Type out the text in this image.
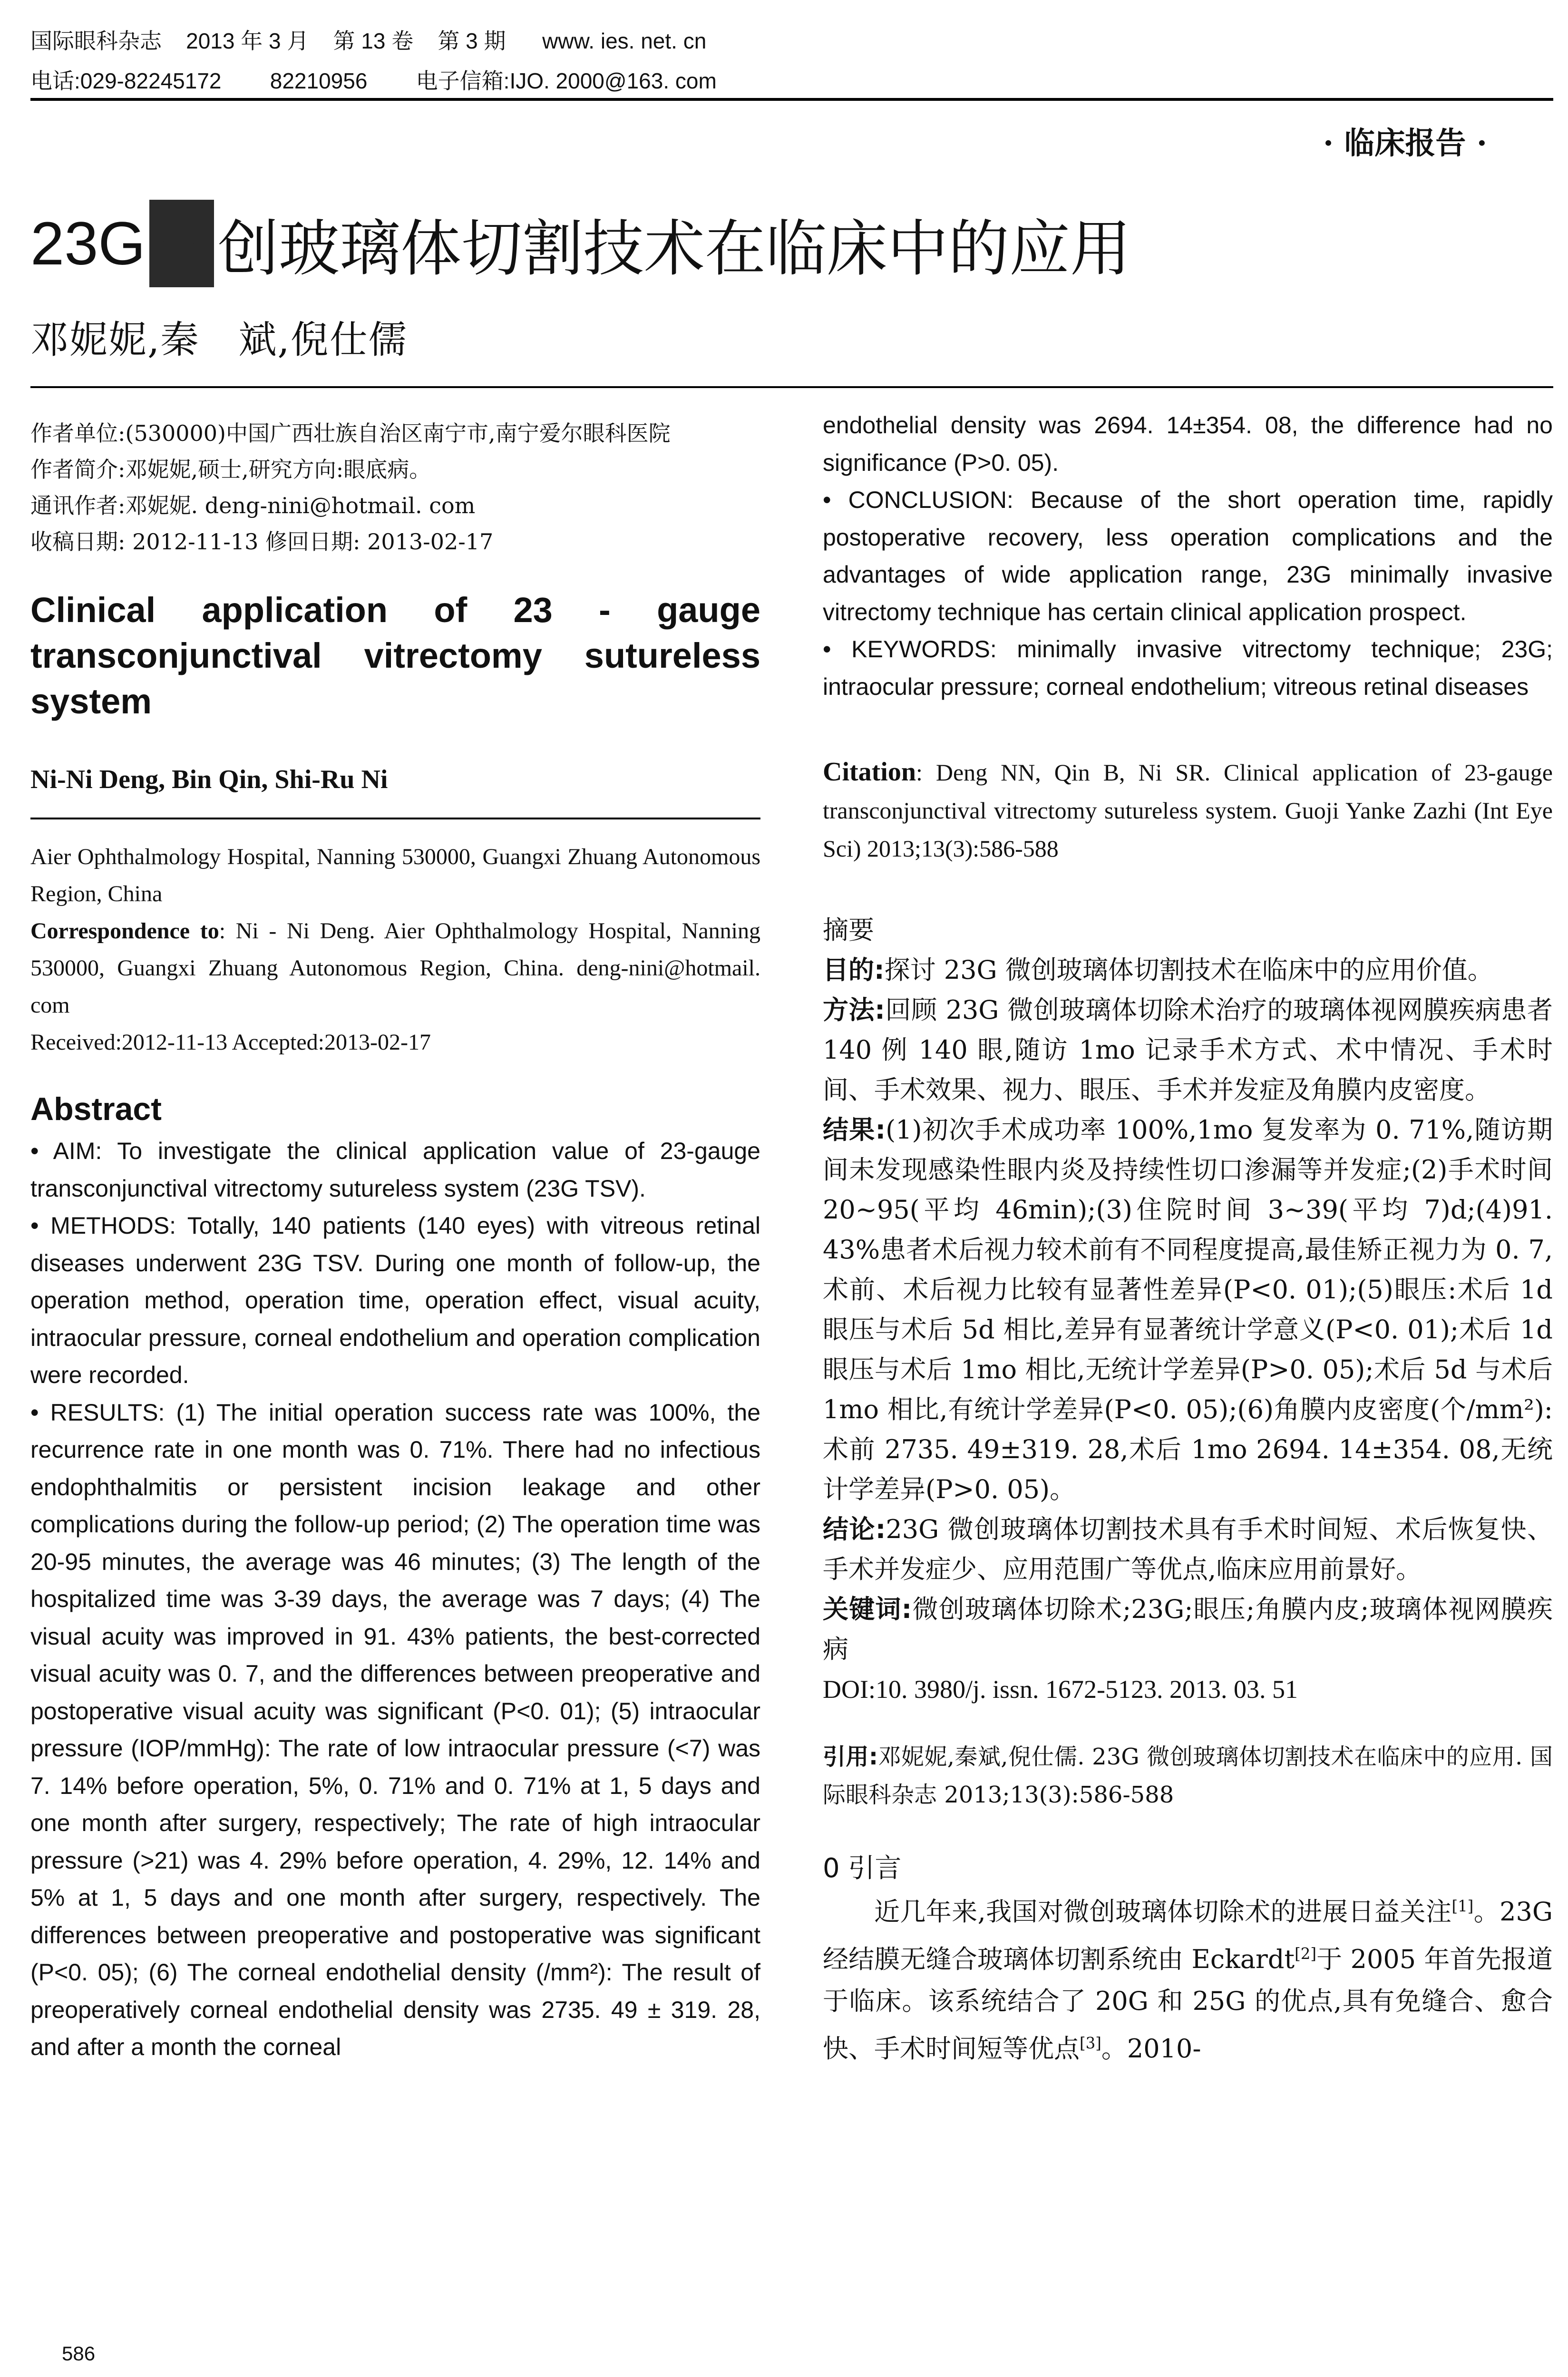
国际眼科杂志    2013 年 3 月    第 13 卷    第 3 期      www. ies. net. cn
电话:029-82245172        82210956        电子信箱:IJO. 2000@163. com
· 临床报告 ·
23G 微 创玻璃体切割技术在临床中的应用
邓妮妮,秦　斌,倪仕儒

作者单位:(530000)中国广西壮族自治区南宁市,南宁爱尔眼科医院

作者简介:邓妮妮,硕士,研究方向:眼底病。

通讯作者:邓妮妮. deng-nini@hotmail. com

收稿日期: 2012-11-13 修回日期: 2013-02-17

Clinical application of 23 - gauge transconjunctival vitrectomy sutureless system

Ni-Ni Deng, Bin Qin, Shi-Ru Ni

Aier Ophthalmology Hospital, Nanning 530000, Guangxi Zhuang Autonomous Region, China

Correspondence to: Ni - Ni Deng. Aier Ophthalmology Hospital, Nanning 530000, Guangxi Zhuang Autonomous Region, China. deng-nini@hotmail. com

Received:2012-11-13 Accepted:2013-02-17

Abstract

• AIM: To investigate the clinical application value of 23-gauge transconjunctival vitrectomy sutureless system (23G TSV).

• METHODS: Totally, 140 patients (140 eyes) with vitreous retinal diseases underwent 23G TSV. During one month of follow-up, the operation method, operation time, operation effect, visual acuity, intraocular pressure, corneal endothelium and operation complication were recorded.

• RESULTS: (1) The initial operation success rate was 100%, the recurrence rate in one month was 0. 71%. There had no infectious endophthalmitis or persistent incision leakage and other complications during the follow-up period; (2) The operation time was 20-95 minutes, the average was 46 minutes; (3) The length of the hospitalized time was 3-39 days, the average was 7 days; (4) The visual acuity was improved in 91. 43% patients, the best-corrected visual acuity was 0. 7, and the differences between preoperative and postoperative visual acuity was significant (P<0. 01); (5) intraocular pressure (IOP/mmHg): The rate of low intraocular pressure (<7) was 7. 14% before operation, 5%, 0. 71% and 0. 71% at 1, 5 days and one month after surgery, respectively; The rate of high intraocular pressure (>21) was 4. 29% before operation, 4. 29%, 12. 14% and 5% at 1, 5 days and one month after surgery, respectively. The differences between preoperative and postoperative was significant (P<0. 05); (6) The corneal endothelial density (/mm²): The result of preoperatively corneal endothelial density was 2735. 49 ± 319. 28, and after a month the corneal

586

endothelial density was 2694. 14±354. 08, the difference had no significance (P>0. 05).

• CONCLUSION: Because of the short operation time, rapidly postoperative recovery, less operation complications and the advantages of wide application range, 23G minimally invasive vitrectomy technique has certain clinical application prospect.

• KEYWORDS: minimally invasive vitrectomy technique; 23G; intraocular pressure; corneal endothelium; vitreous retinal diseases

Citation: Deng NN, Qin B, Ni SR. Clinical application of 23-gauge transconjunctival vitrectomy sutureless system. Guoji Yanke Zazhi (Int Eye Sci) 2013;13(3):586-588

摘要

目的:探讨 23G 微创玻璃体切割技术在临床中的应用价值。

方法:回顾 23G 微创玻璃体切除术治疗的玻璃体视网膜疾病患者 140 例 140 眼,随访 1mo 记录手术方式、术中情况、手术时间、手术效果、视力、眼压、手术并发症及角膜内皮密度。

结果:(1)初次手术成功率 100%,1mo 复发率为 0. 71%,随访期间未发现感染性眼内炎及持续性切口渗漏等并发症;(2)手术时间 20~95(平均 46min);(3)住院时间 3~39(平均 7)d;(4)91. 43%患者术后视力较术前有不同程度提高,最佳矫正视力为 0. 7,术前、术后视力比较有显著性差异(P<0. 01);(5)眼压:术后 1d 眼压与术后 5d 相比,差异有显著统计学意义(P<0. 01);术后 1d 眼压与术后 1mo 相比,无统计学差异(P>0. 05);术后 5d 与术后 1mo 相比,有统计学差异(P<0. 05);(6)角膜内皮密度(个/mm²):术前 2735. 49±319. 28,术后 1mo 2694. 14±354. 08,无统计学差异(P>0. 05)。

结论:23G 微创玻璃体切割技术具有手术时间短、术后恢复快、手术并发症少、应用范围广等优点,临床应用前景好。

关键词:微创玻璃体切除术;23G;眼压;角膜内皮;玻璃体视网膜疾病

DOI:10. 3980/j. issn. 1672-5123. 2013. 03. 51

引用:邓妮妮,秦斌,倪仕儒. 23G 微创玻璃体切割技术在临床中的应用. 国际眼科杂志 2013;13(3):586-588

0 引言

近几年来,我国对微创玻璃体切除术的进展日益关注[1]。23G 经结膜无缝合玻璃体切割系统由 Eckardt[2]于 2005 年首先报道于临床。该系统结合了 20G 和 25G 的优点,具有免缝合、愈合快、手术时间短等优点[3]。2010-
